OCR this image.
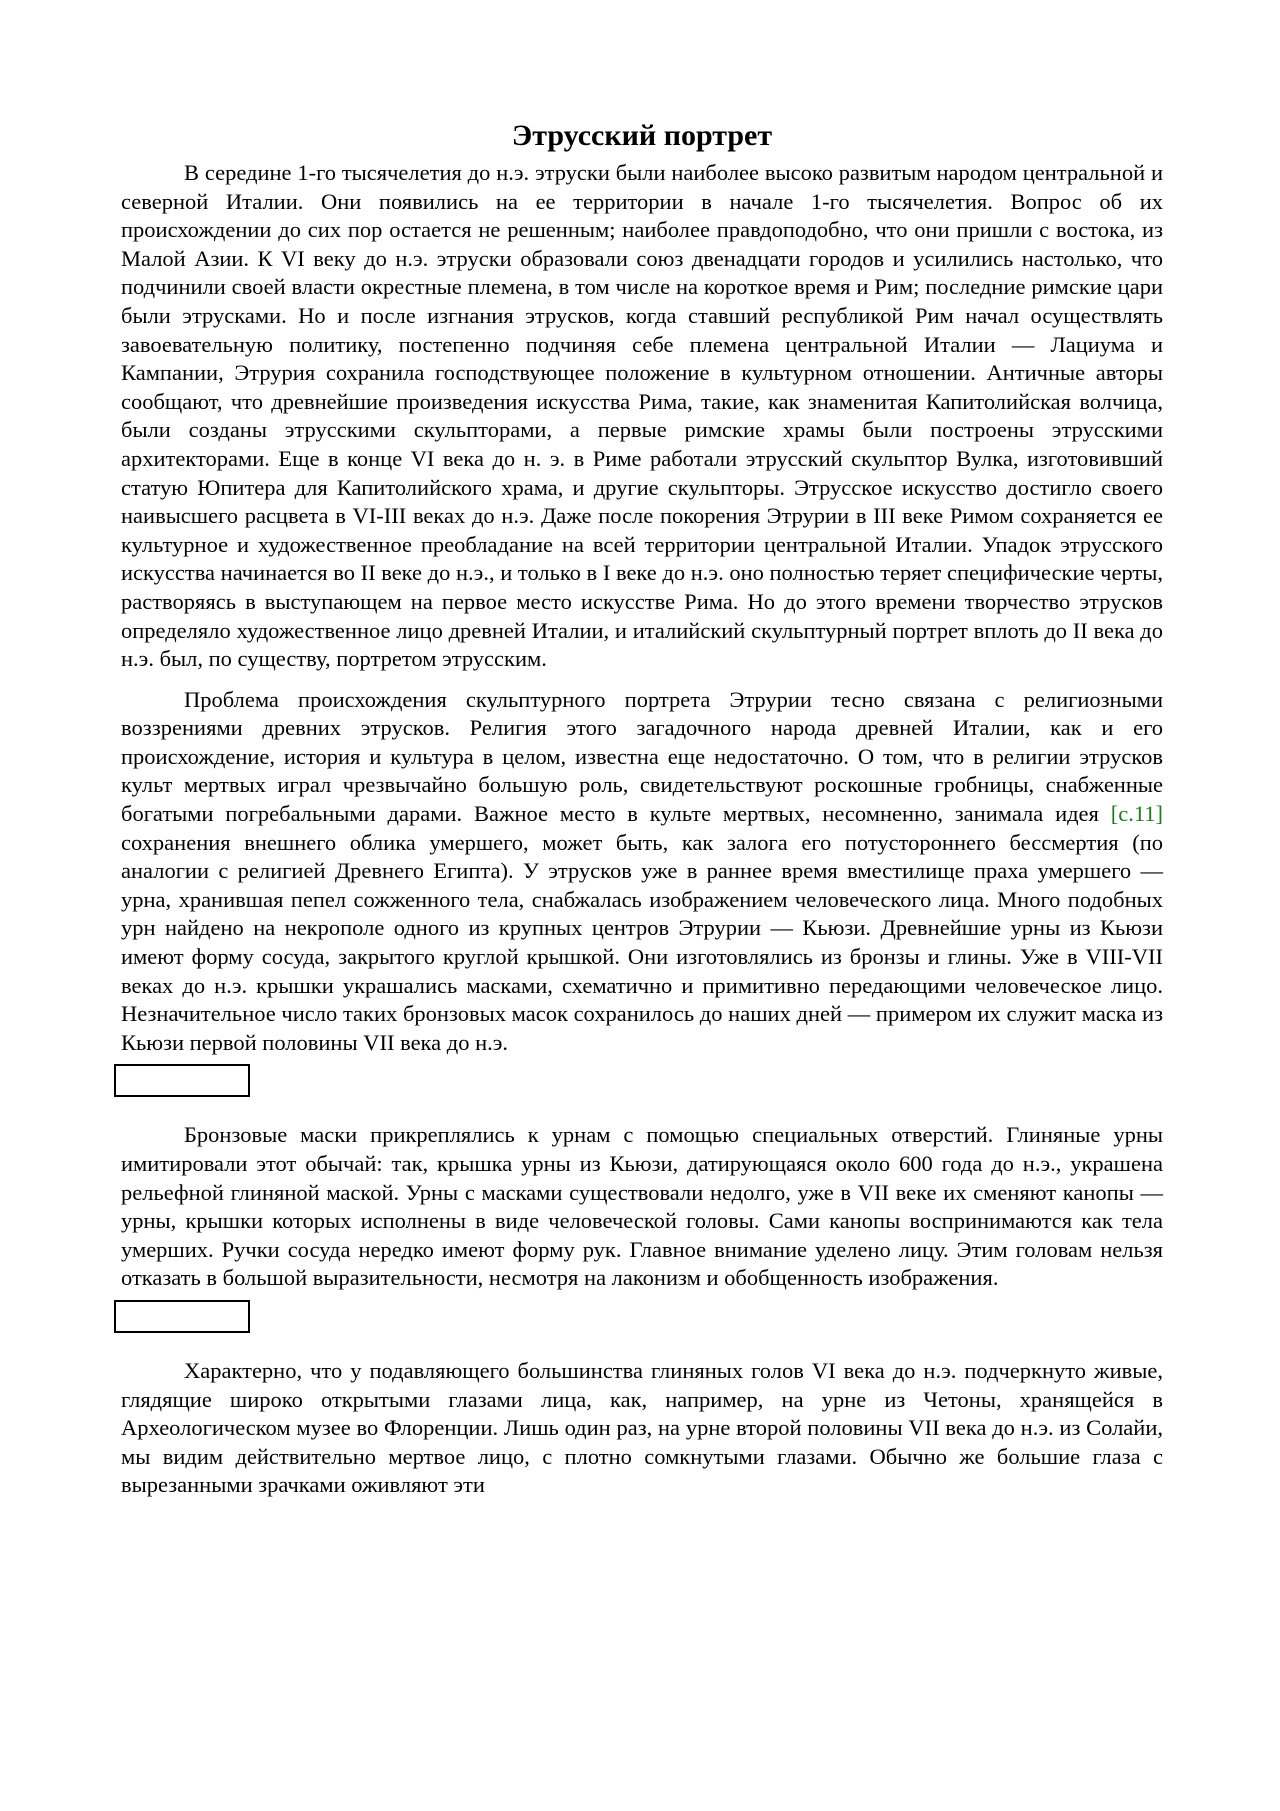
Этрусский портрет

В середине 1-го тысячелетия до н.э. этруски были наиболее высоко развитым народом центральной и северной Италии. Они появились на ее территории в начале 1-го тысячелетия. Вопрос об их происхождении до сих пор остается не решенным; наиболее правдоподобно, что они пришли с востока, из Малой Азии. К VI веку до н.э. этруски образовали союз двенадцати городов и усилились настолько, что подчинили своей власти окрестные племена, в том числе на короткое время и Рим; последние римские цари были этрусками. Но и после изгнания этрусков, когда ставший республикой Рим начал осуществлять завоевательную политику, постепенно подчиняя себе племена центральной Италии — Лациума и Кампании, Этрурия сохранила господствующее положение в культурном отношении. Античные авторы сообщают, что древнейшие произведения искусства Рима, такие, как знаменитая Капитолийская волчица, были созданы этрусскими скульпторами, а первые римские храмы были построены этрусскими архитекторами. Еще в конце VI века до н. э. в Риме работали этрусский скульптор Вулка, изготовивший статую Юпитера для Капитолийского храма, и другие скульпторы. Этрусское искусство достигло своего наивысшего расцвета в VI-III веках до н.э. Даже после покорения Этрурии в III веке Римом сохраняется ее культурное и художественное преобладание на всей территории центральной Италии. Упадок этрусского искусства начинается во II веке до н.э., и только в I веке до н.э. оно полностью теряет специфические черты, растворяясь в выступающем на первое место искусстве Рима. Но до этого времени творчество этрусков определяло художественное лицо древней Италии, и италийский скульптурный портрет вплоть до II века до н.э. был, по существу, портретом этрусским.

Проблема происхождения скульптурного портрета Этрурии тесно связана с религиозными воззрениями древних этрусков. Религия этого загадочного народа древней Италии, как и его происхождение, история и культура в целом, известна еще недостаточно. О том, что в религии этрусков культ мертвых играл чрезвычайно большую роль, свидетельствуют роскошные гробницы, снабженные богатыми погребальными дарами. Важное место в культе мертвых, несомненно, занимала идея [с.11] сохранения внешнего облика умершего, может быть, как залога его потустороннего бессмертия (по аналогии с религией Древнего Египта). У этрусков уже в раннее время вместилище праха умершего — урна, хранившая пепел сожженного тела, снабжалась изображением человеческого лица. Много подобных урн найдено на некрополе одного из крупных центров Этрурии — Кьюзи. Древнейшие урны из Кьюзи имеют форму сосуда, закрытого круглой крышкой. Они изготовлялись из бронзы и глины. Уже в VIII-VII веках до н.э. крышки украшались масками, схематично и примитивно передающими человеческое лицо. Незначительное число таких бронзовых масок сохранилось до наших дней — примером их служит маска из Кьюзи первой половины VII века до н.э.

Бронзовые маски прикреплялись к урнам с помощью специальных отверстий. Глиняные урны имитировали этот обычай: так, крышка урны из Кьюзи, датирующаяся около 600 года до н.э., украшена рельефной глиняной маской. Урны с масками существовали недолго, уже в VII веке их сменяют канопы — урны, крышки которых исполнены в виде человеческой головы. Сами канопы воспринимаются как тела умерших. Ручки сосуда нередко имеют форму рук. Главное внимание уделено лицу. Этим головам нельзя отказать в большой выразительности, несмотря на лаконизм и обобщенность изображения.

Характерно, что у подавляющего большинства глиняных голов VI века до н.э. подчеркнуто живые, глядящие широко открытыми глазами лица, как, например, на урне из Четоны, хранящейся в Археологическом музее во Флоренции. Лишь один раз, на урне второй половины VII века до н.э. из Солайи, мы видим действительно мертвое лицо, с плотно сомкнутыми глазами. Обычно же большие глаза с вырезанными зрачками оживляют эти
